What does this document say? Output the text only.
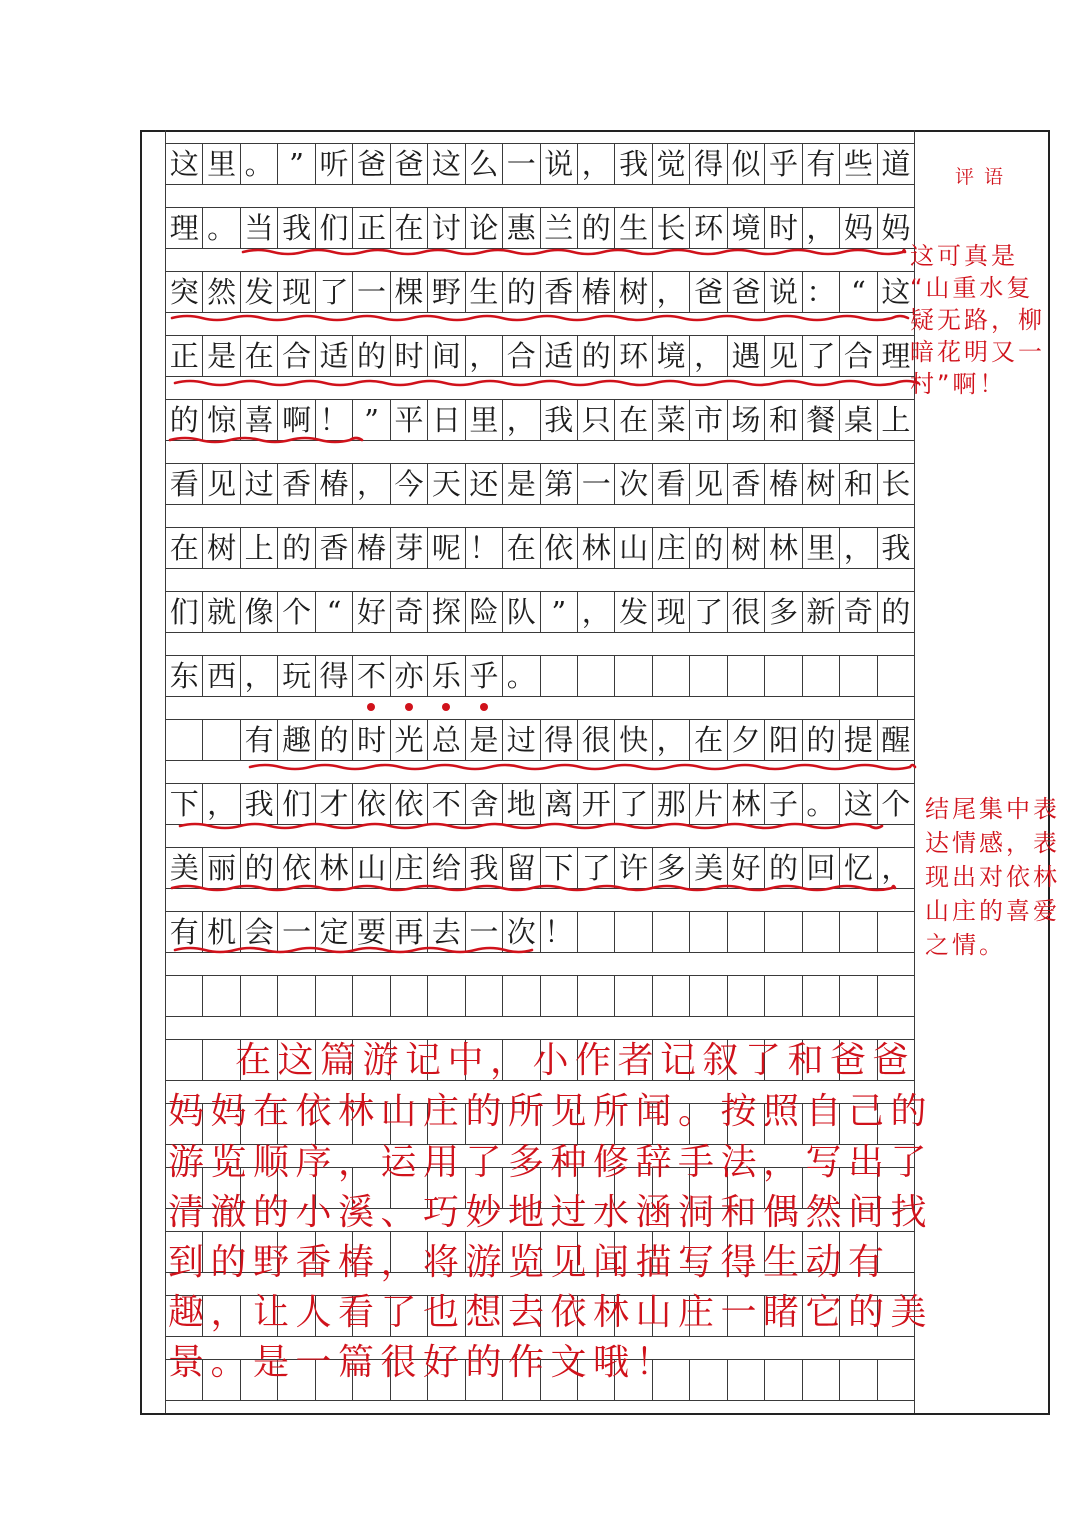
这 里 。 ” 听 爸 爸 这 么 一 说 ， 我 觉 得 似 乎 有 些 道
理 。 当 我 们 正 在 讨 论 惠 兰 的 生 长 环 境 时 ， 妈 妈
突 然 发 现 了 一 棵 野 生 的 香 椿 树 ， 爸 爸 说 ： “ 这
正 是 在 合 适 的 时 间 ， 合 适 的 环 境 ， 遇 见 了 合 理
的 惊 喜 啊 ！ ” 平 日 里 ， 我 只 在 菜 市 场 和 餐 桌 上
看 见 过 香 椿 ， 今 天 还 是 第 一 次 看 见 香 椿 树 和 长
在 树 上 的 香 椿 芽 呢 ！ 在 依 林 山 庄 的 树 林 里 ， 我
们 就 像 个 “ 好 奇 探 险 队 ” ， 发 现 了 很 多 新 奇 的
东 西 ， 玩 得 不 亦 乐 乎 。
有 趣 的 时 光 总 是 过 得 很 快 ， 在 夕 阳 的 提 醒
下 ， 我 们 才 依 依 不 舍 地 离 开 了 那 片 林 子 。 这 个
美 丽 的 依 林 山 庄 给 我 留 下 了 许 多 美 好 的 回 忆 ，
有 机 会 一 定 要 再 去 一 次 ！
评 语
这可真是
“山重水复
疑无路，柳
暗花明又一
村”啊！
结尾集中表
达情感，表
现出对依林
山庄的喜爱
之情。
在这篇游记中，小作者记叙了和爸爸
妈妈在依林山庄的所见所闻。按照自己的
游览顺序，运用了多种修辞手法，写出了
清澈的小溪、巧妙地过水涵洞和偶然间找
到的野香椿，将游览见闻描写得生动有
趣，让人看了也想去依林山庄一睹它的美
景。是一篇很好的作文哦！
